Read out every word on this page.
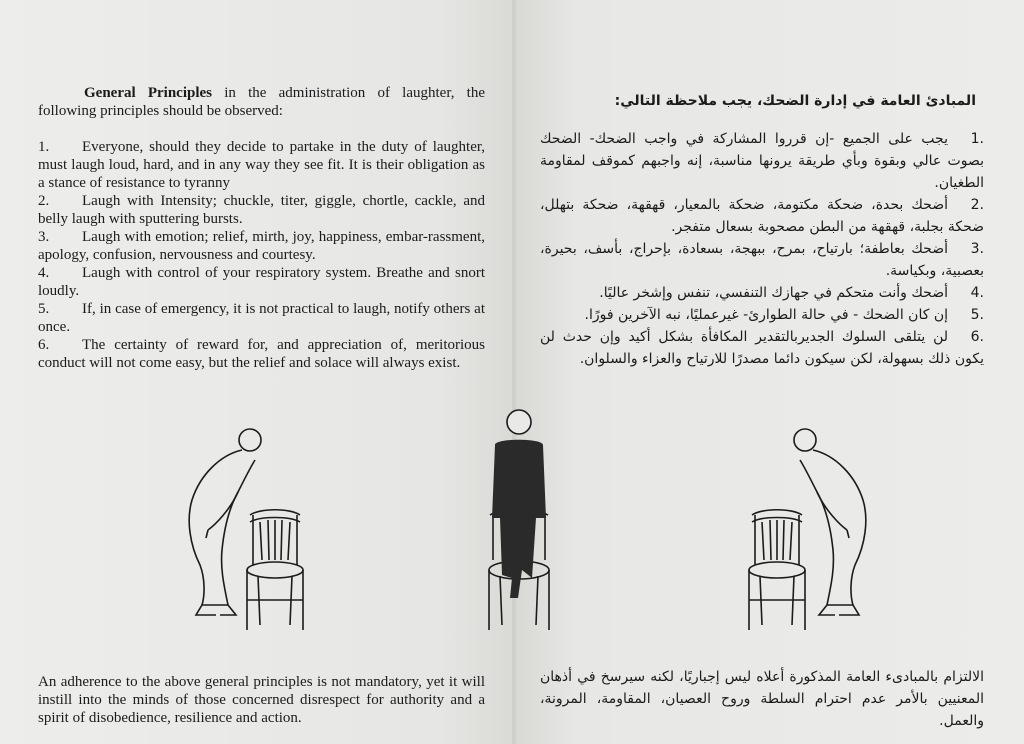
General Principles in the administration of laughter, the following principles should be observed:

1. Everyone, should they decide to partake in the duty of laughter, must laugh loud, hard, and in any way they see fit. It is their obligation as a stance of resistance to tyranny

2. Laugh with Intensity; chuckle, titer, giggle, chortle, cackle, and belly laugh with sputtering bursts.

3. Laugh with emotion; relief, mirth, joy, happiness, embar-rassment, apology, confusion, nervousness and courtesy.

4. Laugh with control of your respiratory system. Breathe and snort loudly.

5. If, in case of emergency, it is not practical to laugh, notify others at once.

6. The certainty of reward for, and appreciation of, meritorious conduct will not come easy, but the relief and solace will always exist.

An adherence to the above general principles is not mandatory, yet it will instill into the minds of those concerned disrespect for authority and a spirit of disobedience, resilience and action.

المبادئ العامة في إدارة الضحك، يجب ملاحظة التالي:

.1يجب على الجميع -إن قرروا المشاركة في واجب الضحك- الضحك بصوت عالي وبقوة وبأي طريقة يرونها مناسبة، إنه واجبهم كموقف لمقاومة الطغيان.

.2أضحك بحدة، ضحكة مكتومة، ضحكة بالمعيار، قهقهة، ضحكة بتهلل، ضحكة بجلبة، قهقهة من البطن مصحوبة بسعال متفجر.

.3أضحك بعاطفة؛ بارتياح، بمرح، ببهجة، بسعادة، بإحراج، بأسف، بحيرة، بعصبية، وبكياسة.

.4أضحك وأنت متحكم في جهازك التنفسي، تنفس وإشخر عاليًا.

.5إن كان الضحك - في حالة الطوارئ- غيرعمليًا، نبه الآخرين فورًا.

.6لن يتلقى السلوك الجديربالتقدير المكافأة بشكل أكيد وإن حدث لن يكون ذلك بسهولة، لكن سيكون دائما مصدرًا للارتياح والعزاء والسلوان.

الالتزام بالمبادىء العامة المذكورة أعلاه ليس إجباريًا، لكنه سيرسخ في أذهان المعنيين بالأمر عدم احترام السلطة وروح العصيان، المقاومة، المرونة، والعمل.
